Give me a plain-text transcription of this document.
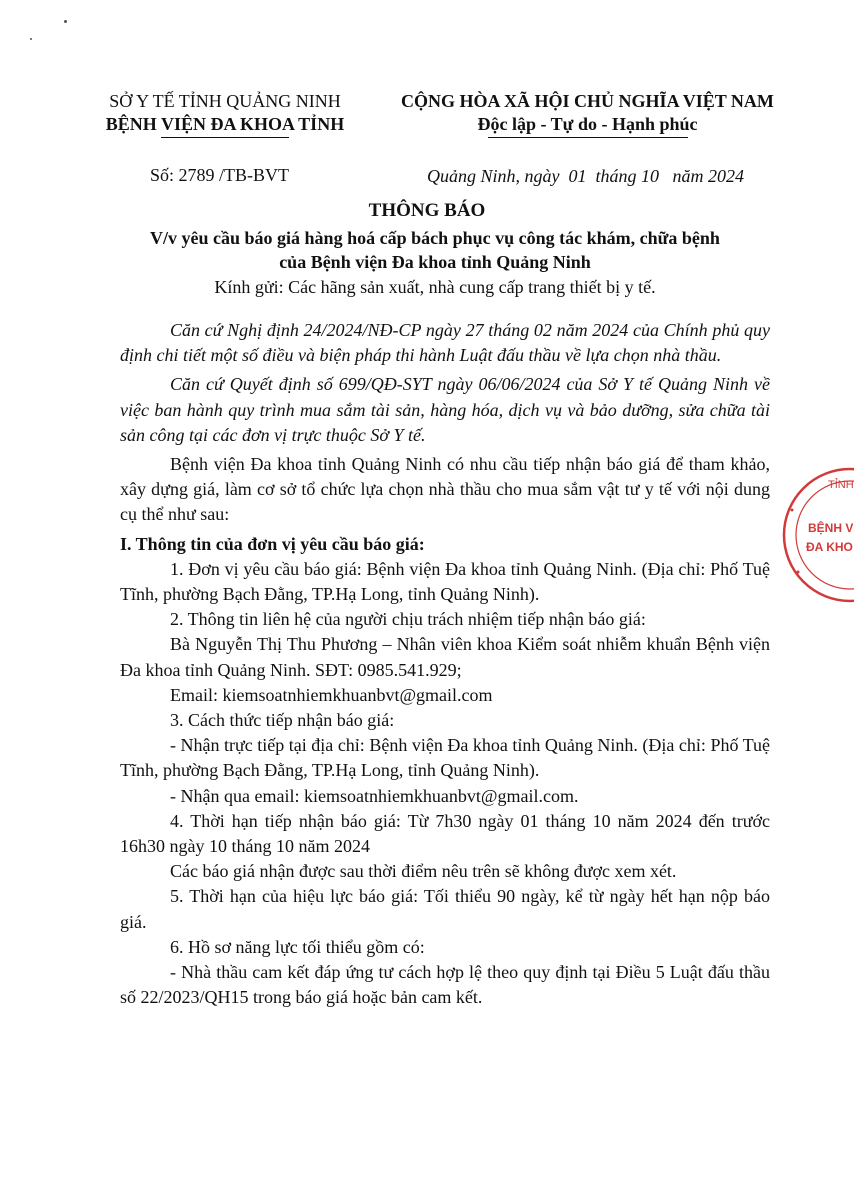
SỞ Y TẾ TỈNH QUẢNG NINH
BỆNH VIỆN ĐA KHOA TỈNH
CỘNG HÒA XÃ HỘI CHỦ NGHĨA VIỆT NAM
Độc lập - Tự do - Hạnh phúc
Số: 2789 /TB-BVT	Quảng Ninh, ngày  01  tháng 10   năm 2024
THÔNG BÁO
V/v yêu cầu báo giá hàng hoá cấp bách phục vụ công tác khám, chữa bệnh
của Bệnh viện Đa khoa tỉnh Quảng Ninh
Kính gửi: Các hãng sản xuất, nhà cung cấp trang thiết bị y tế.

Căn cứ Nghị định 24/2024/NĐ-CP ngày 27 tháng 02 năm 2024 của Chính phủ quy định chi tiết một số điều và biện pháp thi hành Luật đấu thầu về lựa chọn nhà thầu.

Căn cứ Quyết định số 699/QĐ-SYT ngày 06/06/2024 của Sở Y tế Quảng Ninh về việc ban hành quy trình mua sắm tài sản, hàng hóa, dịch vụ và bảo dưỡng, sửa chữa tài sản công tại các đơn vị trực thuộc Sở Y tế.

Bệnh viện Đa khoa tỉnh Quảng Ninh có nhu cầu tiếp nhận báo giá để tham khảo, xây dựng giá, làm cơ sở tổ chức lựa chọn nhà thầu cho mua sắm vật tư y tế với nội dung cụ thể như sau:

I. Thông tin của đơn vị yêu cầu báo giá:

1. Đơn vị yêu cầu báo giá: Bệnh viện Đa khoa tỉnh Quảng Ninh. (Địa chỉ: Phố Tuệ Tĩnh, phường Bạch Đằng, TP.Hạ Long, tỉnh Quảng Ninh).

2. Thông tin liên hệ của người chịu trách nhiệm tiếp nhận báo giá:

Bà Nguyễn Thị Thu Phương – Nhân viên khoa Kiểm soát nhiễm khuẩn Bệnh viện Đa khoa tỉnh Quảng Ninh. SĐT: 0985.541.929;

Email: kiemsoatnhiemkhuanbvt@gmail.com

3. Cách thức tiếp nhận báo giá:

- Nhận trực tiếp tại địa chỉ: Bệnh viện Đa khoa tỉnh Quảng Ninh. (Địa chỉ: Phố Tuệ Tĩnh, phường Bạch Đằng, TP.Hạ Long, tỉnh Quảng Ninh).

- Nhận qua email: kiemsoatnhiemkhuanbvt@gmail.com.

4. Thời hạn tiếp nhận báo giá: Từ 7h30 ngày 01 tháng 10 năm 2024 đến trước 16h30 ngày 10 tháng 10 năm 2024

Các báo giá nhận được sau thời điểm nêu trên sẽ không được xem xét.

5. Thời hạn của hiệu lực báo giá: Tối thiểu 90 ngày, kể từ ngày hết hạn nộp báo giá.

6. Hồ sơ năng lực tối thiểu gồm có:

- Nhà thầu cam kết đáp ứng tư cách hợp lệ theo quy định tại Điều 5 Luật đấu thầu số 22/2023/QH15 trong báo giá hoặc bản cam kết.

TỈNH
BỆNH V
ĐA KHO
